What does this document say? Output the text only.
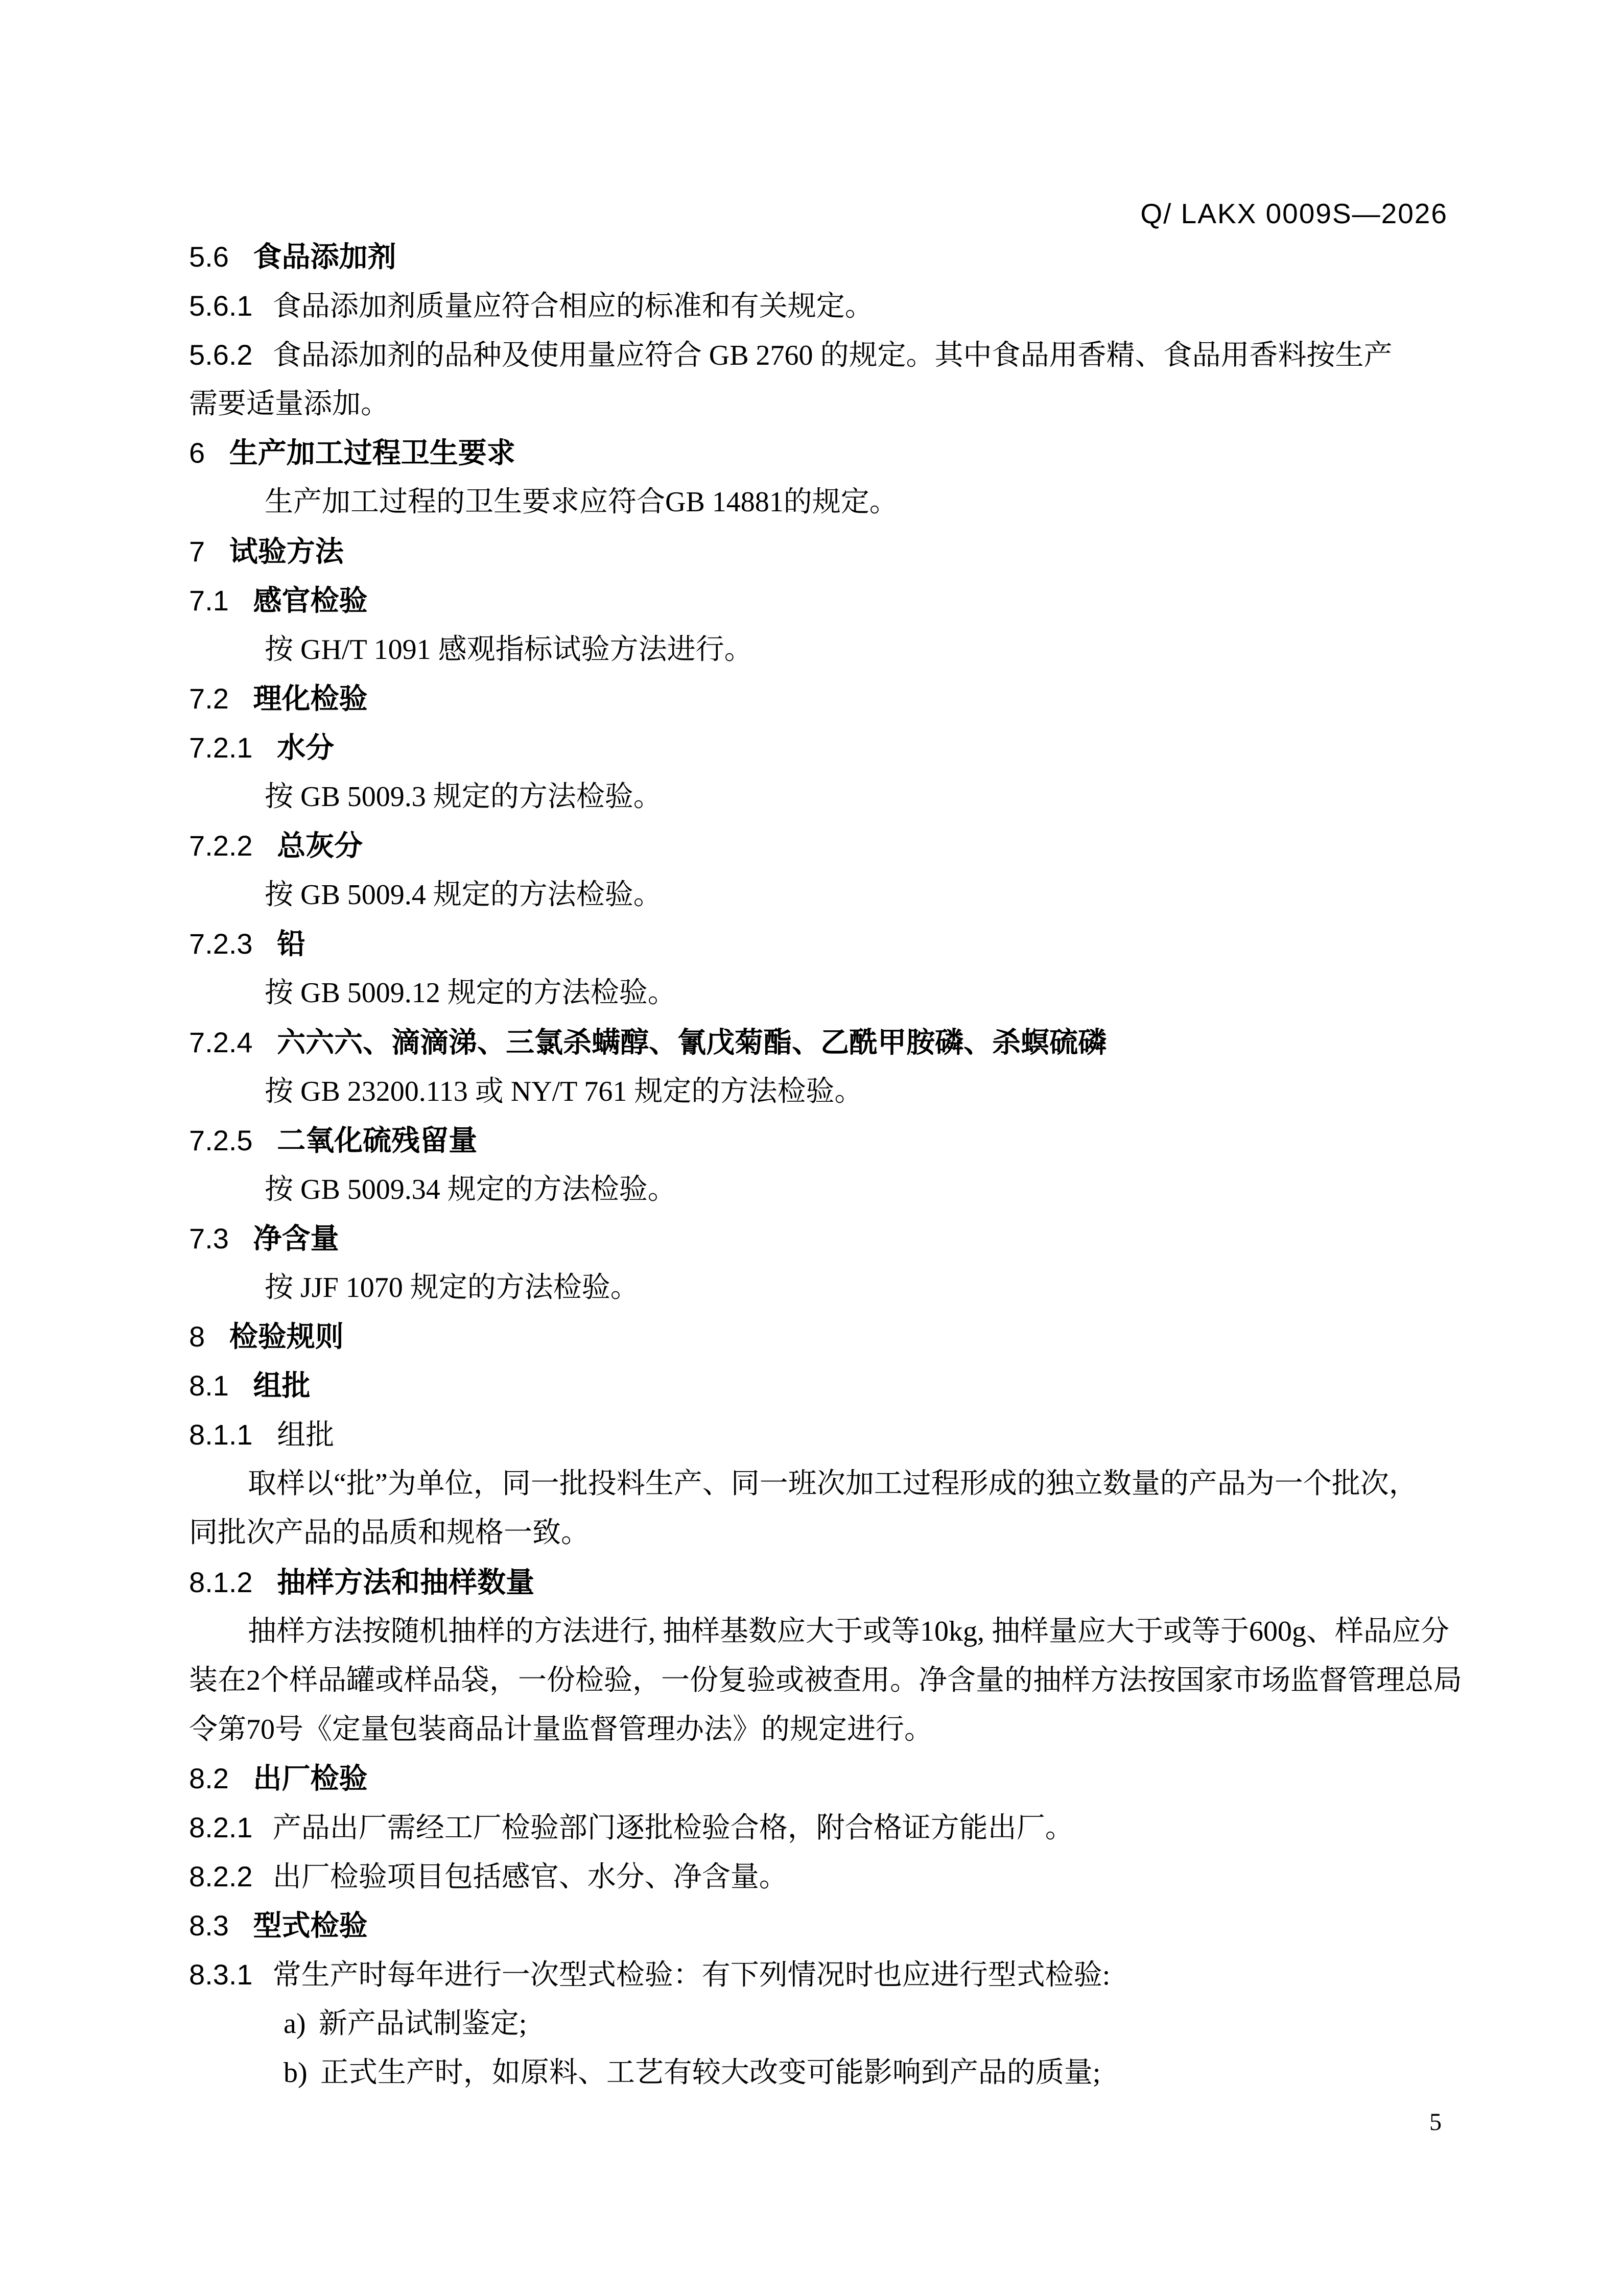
Q/ LAKX 0009S—2026
5.6 食品添加剂
5.6.1 食品添加剂质量应符合相应的标准和有关规定。
5.6.2 食品添加剂的品种及使用量应符合 GB 2760 的规定。其中食品用香精、食品用香料按生产
需要适量添加。
6 生产加工过程卫生要求
生产加工过程的卫生要求应符合GB 14881的规定。
7 试验方法
7.1 感官检验
按 GH/T 1091 感观指标试验方法进行。
7.2 理化检验
7.2.1 水分
按 GB 5009.3 规定的方法检验。
7.2.2 总灰分
按 GB 5009.4 规定的方法检验。
7.2.3 铅
按 GB 5009.12 规定的方法检验。
7.2.4 六六六、滴滴涕、三氯杀螨醇、氰戊菊酯、乙酰甲胺磷、杀螟硫磷
按 GB 23200.113 或 NY/T 761 规定的方法检验。
7.2.5 二氧化硫残留量
按 GB 5009.34 规定的方法检验。
7.3 净含量
按 JJF 1070 规定的方法检验。
8 检验规则
8.1 组批
8.1.1 组批
取样以“批”为单位，同一批投料生产、同一班次加工过程形成的独立数量的产品为一个批次，
同批次产品的品质和规格一致。
8.1.2 抽样方法和抽样数量
抽样方法按随机抽样的方法进行, 抽样基数应大于或等10kg, 抽样量应大于或等于600g、样品应分
装在2个样品罐或样品袋，一份检验，一份复验或被查用。净含量的抽样方法按国家市场监督管理总局
令第70号《定量包装商品计量监督管理办法》的规定进行。
8.2 出厂检验
8.2.1 产品出厂需经工厂检验部门逐批检验合格，附合格证方能出厂。
8.2.2 出厂检验项目包括感官、水分、净含量。
8.3 型式检验
8.3.1 常生产时每年进行一次型式检验：有下列情况时也应进行型式检验:
a) 新产品试制鉴定;
b) 正式生产时，如原料、工艺有较大改变可能影响到产品的质量;
5
